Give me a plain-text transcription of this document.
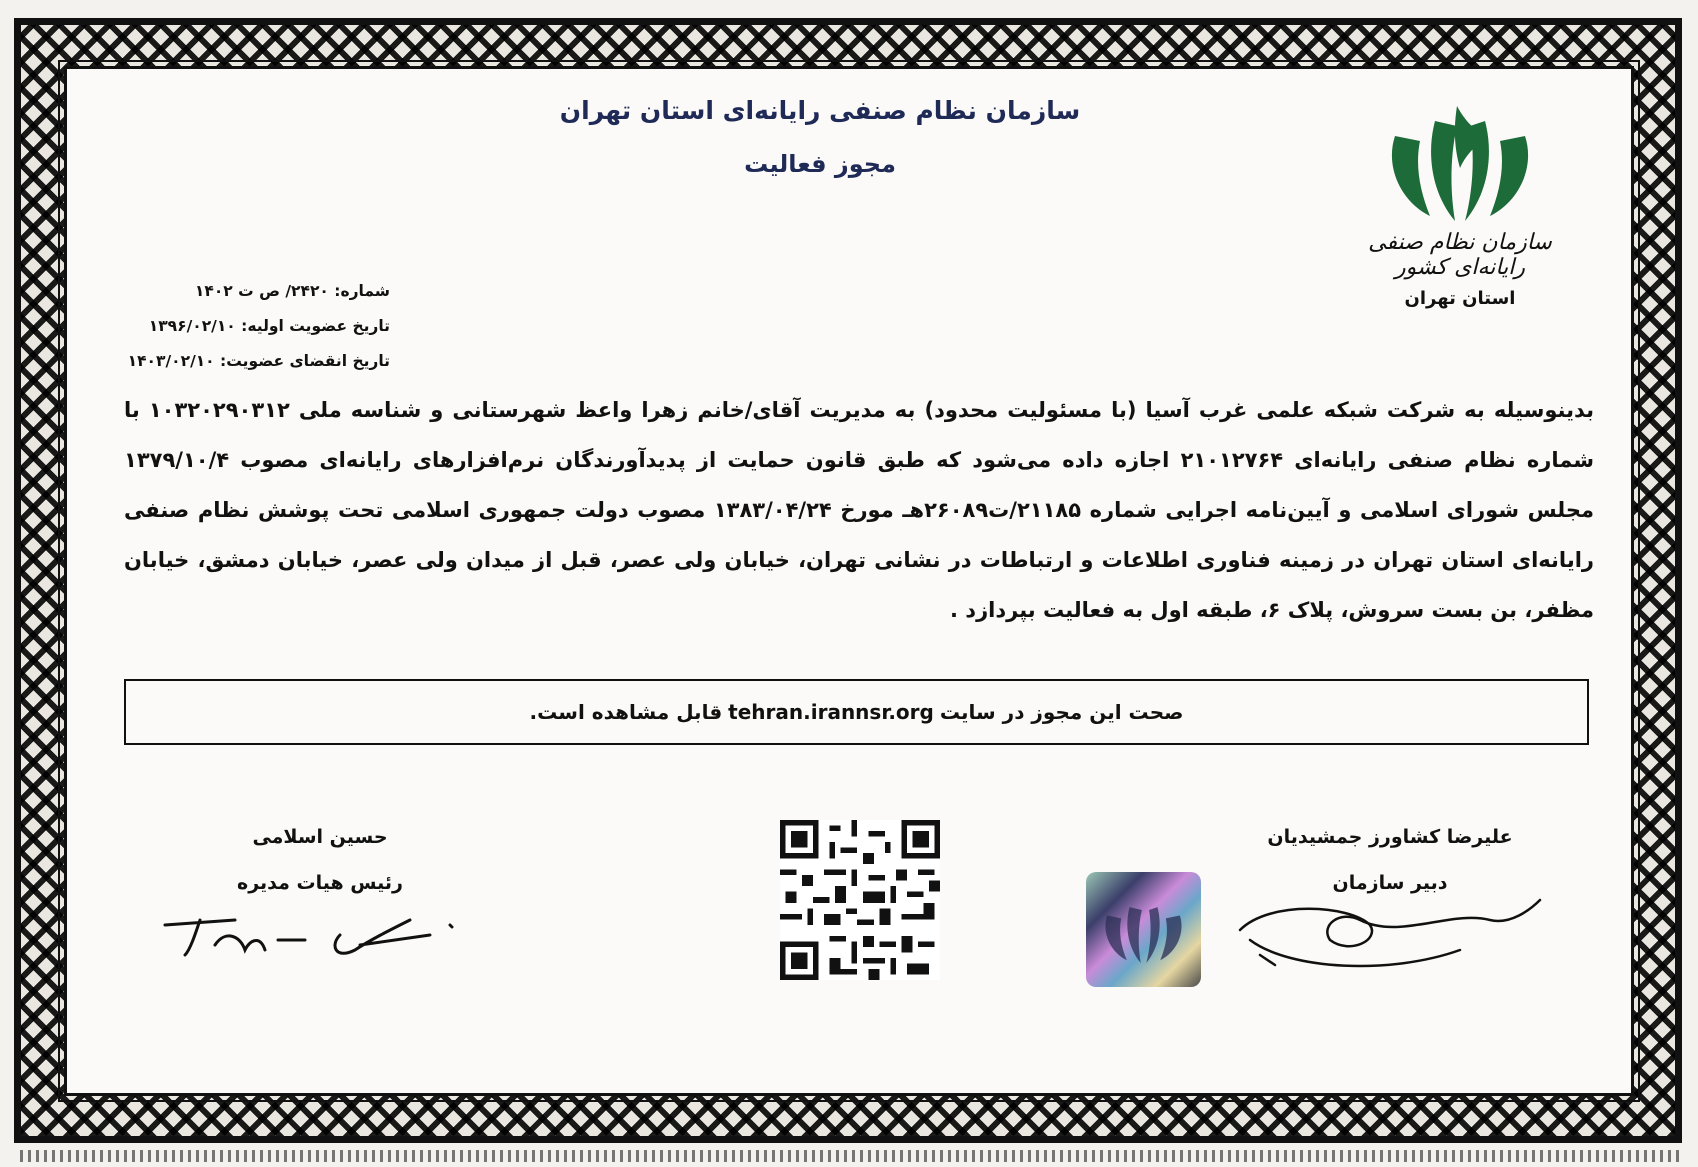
سازمان نظام صنفی رایانه‌ای استان تهران
مجوز فعالیت
سازمان نظام صنفی رایانه‌ای کشور
استان تهران
شماره: ۲۴۲۰/ ص ت ۱۴۰۲
تاریخ عضویت اولیه: ۱۳۹۶/۰۲/۱۰
تاریخ انقضای عضویت: ۱۴۰۳/۰۲/۱۰
بدینوسیله به شرکت شبکه علمی غرب آسیا (با مسئولیت محدود) به مدیریت آقای/خانم زهرا واعظ شهرستانی و شناسه ملی ۱۰۳۲۰۲۹۰۳۱۲ با شماره نظام صنفی رایانه‌ای ۲۱۰۱۲۷۶۴ اجازه داده می‌شود که طبق قانون حمایت از پدیدآورندگان نرم‌افزارهای رایانه‌ای مصوب ۱۳۷۹/۱۰/۴ مجلس شورای اسلامی و آیین‌نامه اجرایی شماره ۲۱۱۸۵/ت۲۶۰۸۹هـ مورخ ۱۳۸۳/۰۴/۲۴ مصوب دولت جمهوری اسلامی تحت پوشش نظام صنفی رایانه‌ای استان تهران در زمینه فناوری اطلاعات و ارتباطات در نشانی تهران، خیابان ولی عصر، قبل از میدان ولی عصر، خیابان دمشق، خیابان مظفر، بن بست سروش، پلاک ۶، طبقه اول به فعالیت بپردازد .
صحت این مجوز در سایت
tehran.irannsr.org
قابل مشاهده است.
علیرضا کشاورز جمشیدیان
دبیر سازمان
حسین اسلامی
رئیس هیات مدیره
